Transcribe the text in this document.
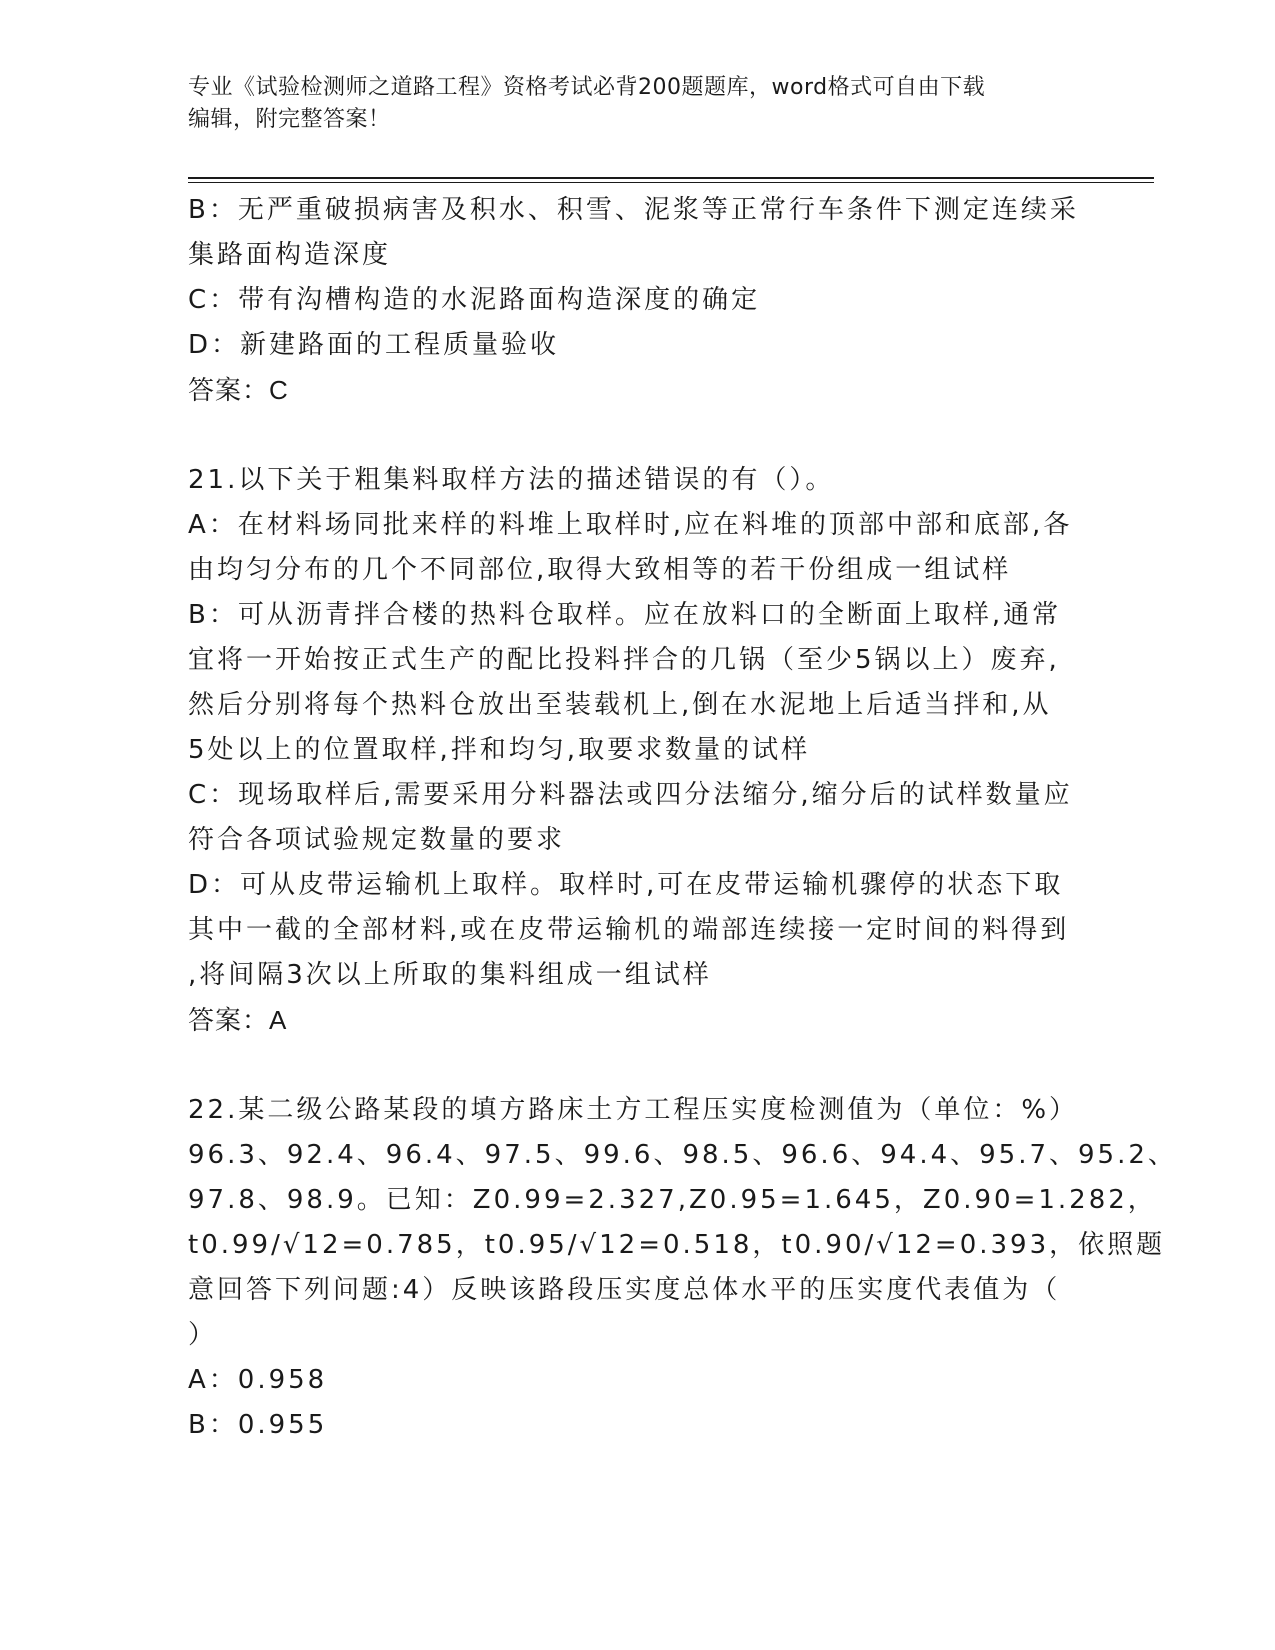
专业《试验检测师之道路工程》资格考试必背200题题库，word格式可自由下载
编辑，附完整答案！
B：无严重破损病害及积水、积雪、泥浆等正常行车条件下测定连续采
集路面构造深度
C：带有沟槽构造的水泥路面构造深度的确定
D：新建路面的工程质量验收
答案：C
21.以下关于粗集料取样方法的描述错误的有（）。
A：在材料场同批来样的料堆上取样时,应在料堆的顶部中部和底部,各
由均匀分布的几个不同部位,取得大致相等的若干份组成一组试样
B：可从沥青拌合楼的热料仓取样。应在放料口的全断面上取样,通常
宜将一开始按正式生产的配比投料拌合的几锅（至少5锅以上）废弃,
然后分别将每个热料仓放出至装载机上,倒在水泥地上后适当拌和,从
5处以上的位置取样,拌和均匀,取要求数量的试样
C：现场取样后,需要采用分料器法或四分法缩分,缩分后的试样数量应
符合各项试验规定数量的要求
D：可从皮带运输机上取样。取样时,可在皮带运输机骤停的状态下取
其中一截的全部材料,或在皮带运输机的端部连续接一定时间的料得到
,将间隔3次以上所取的集料组成一组试样
答案：A
22.某二级公路某段的填方路床土方工程压实度检测值为（单位：%）
96.3、92.4、96.4、97.5、99.6、98.5、96.6、94.4、95.7、95.2、
97.8、98.9。已知：Z0.99=2.327,Z0.95=1.645，Z0.90=1.282，
t0.99/√12=0.785，t0.95/√12=0.518，t0.90/√12=0.393，依照题
意回答下列问题:4）反映该路段压实度总体水平的压实度代表值为（
）
A：0.958
B：0.955
